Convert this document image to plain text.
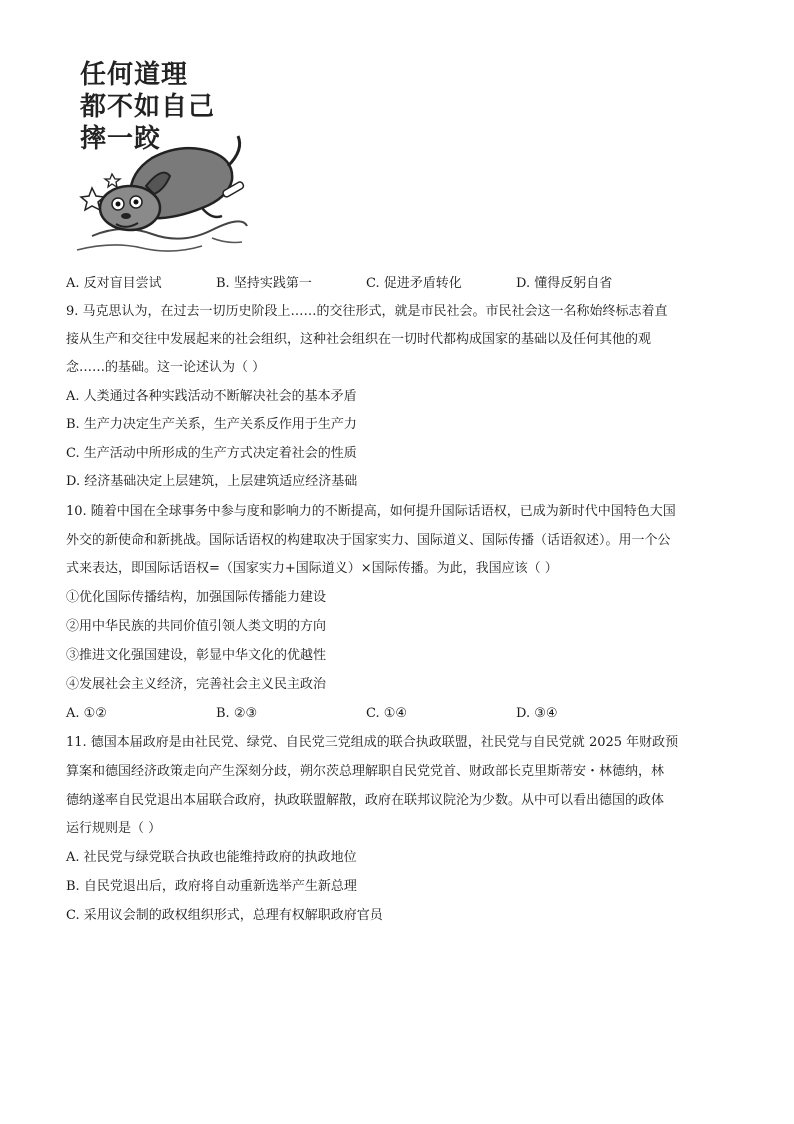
任何道理
都不如自己
摔一跤
A. 反对盲目尝试	B. 坚持实践第一	C. 促进矛盾转化	D. 懂得反躬自省
9. 马克思认为，在过去一切历史阶段上……的交往形式，就是市民社会。市民社会这一名称始终标志着直
接从生产和交往中发展起来的社会组织，这种社会组织在一切时代都构成国家的基础以及任何其他的观
念……的基础。这一论述认为（ ）
A. 人类通过各种实践活动不断解决社会的基本矛盾
B. 生产力决定生产关系，生产关系反作用于生产力
C. 生产活动中所形成的生产方式决定着社会的性质
D. 经济基础决定上层建筑，上层建筑适应经济基础
10. 随着中国在全球事务中参与度和影响力的不断提高，如何提升国际话语权，已成为新时代中国特色大国
外交的新使命和新挑战。国际话语权的构建取决于国家实力、国际道义、国际传播（话语叙述）。用一个公
式来表达，即国际话语权=（国家实力+国际道义）×国际传播。为此，我国应该（ ）
①优化国际传播结构，加强国际传播能力建设
②用中华民族的共同价值引领人类文明的方向
③推进文化强国建设，彰显中华文化的优越性
④发展社会主义经济，完善社会主义民主政治
A. ①②	B. ②③	C. ①④	D. ③④
11. 德国本届政府是由社民党、绿党、自民党三党组成的联合执政联盟，社民党与自民党就 2025 年财政预
算案和德国经济政策走向产生深刻分歧，朔尔茨总理解职自民党党首、财政部长克里斯蒂安・林德纳，林
德纳遂率自民党退出本届联合政府，执政联盟解散，政府在联邦议院沦为少数。从中可以看出德国的政体
运行规则是（ ）
A. 社民党与绿党联合执政也能维持政府的执政地位
B. 自民党退出后，政府将自动重新选举产生新总理
C. 采用议会制的政权组织形式，总理有权解职政府官员
